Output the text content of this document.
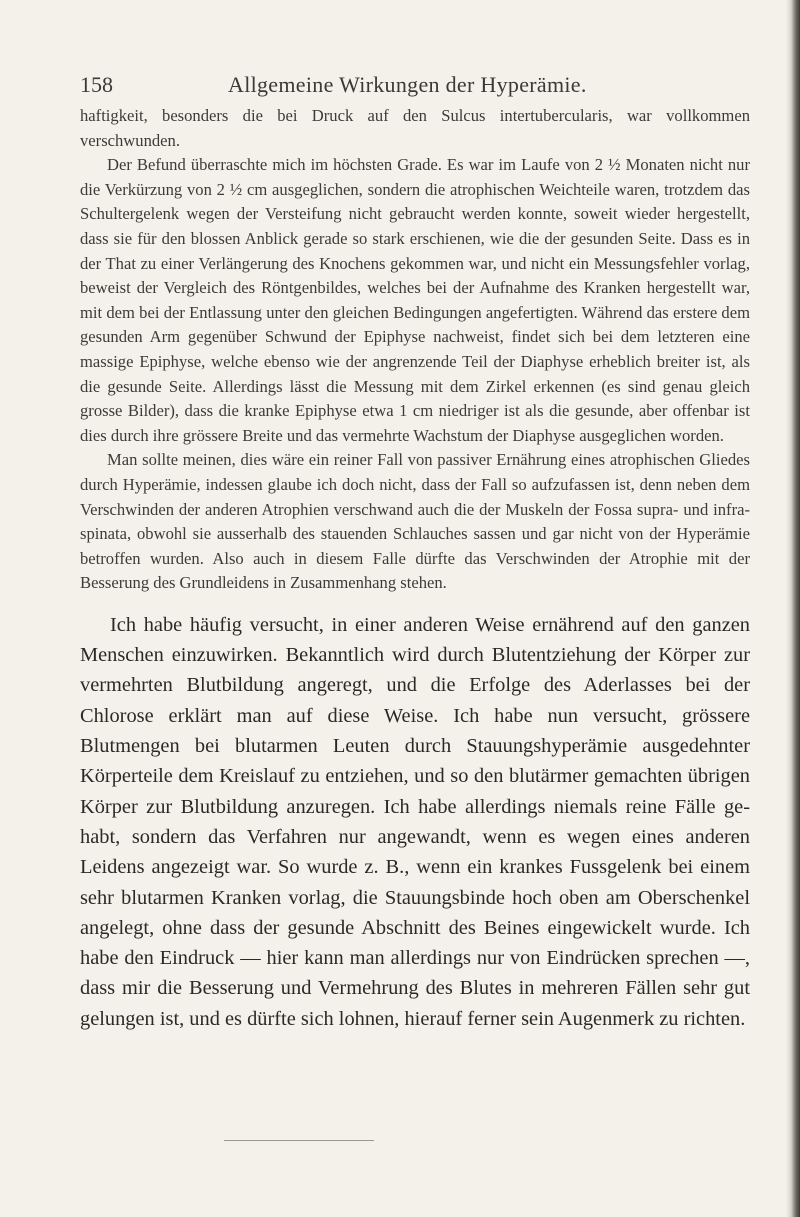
158	Allgemeine Wirkungen der Hyperämie.

haftigkeit, besonders die bei Druck auf den Sulcus intertubercularis, war vollkommen verschwunden.

Der Befund überraschte mich im höchsten Grade. Es war im Laufe von 2 ½ Monaten nicht nur die Verkürzung von 2 ½ cm ausgeglichen, sondern die atrophischen Weichteile waren, trotzdem das Schultergelenk wegen der Versteifung nicht gebraucht werden konnte, soweit wieder hergestellt, dass sie für den blossen Anblick gerade so stark erschienen, wie die der gesunden Seite. Dass es in der That zu einer Verlängerung des Knochens gekommen war, und nicht ein Messungsfehler vorlag, beweist der Vergleich des Röntgenbildes, welches bei der Aufnahme des Kranken hergestellt war, mit dem bei der Entlassung unter den gleichen Bedingungen angefertigten. Während das erstere dem gesunden Arm gegenüber Schwund der Epiphyse nachweist, findet sich bei dem letzteren eine massige Epiphyse, welche ebenso wie der angrenzende Teil der Diaphyse erheblich breiter ist, als die gesunde Seite. Allerdings lässt die Messung mit dem Zirkel erkennen (es sind genau gleich grosse Bilder), dass die kranke Epiphyse etwa 1 cm niedriger ist als die gesunde, aber offenbar ist dies durch ihre grössere Breite und das vermehrte Wachstum der Diaphyse ausgeglichen worden.

Man sollte meinen, dies wäre ein reiner Fall von passiver Ernährung eines atrophischen Gliedes durch Hyperämie, indessen glaube ich doch nicht, dass der Fall so aufzufassen ist, denn neben dem Verschwinden der anderen Atrophien verschwand auch die der Muskeln der Fossa supra- und infraspinata, obwohl sie ausserhalb des stauenden Schlauches sassen und gar nicht von der Hyperämie betroffen wurden. Also auch in diesem Falle dürfte das Verschwinden der Atrophie mit der Besserung des Grundleidens in Zusammenhang stehen.

Ich habe häufig versucht, in einer anderen Weise ernährend auf den ganzen Menschen einzuwirken. Bekanntlich wird durch Blutentziehung der Körper zur vermehrten Blutbildung angeregt, und die Erfolge des Aderlasses bei der Chlorose erklärt man auf diese Weise. Ich habe nun versucht, grössere Blutmengen bei blutarmen Leuten durch Stauungshyperämie ausgedehnter Körperteile dem Kreislauf zu entziehen, und so den blutärmer gemachten übrigen Körper zur Blutbildung anzuregen. Ich habe allerdings niemals reine Fälle gehabt, sondern das Verfahren nur angewandt, wenn es wegen eines anderen Leidens angezeigt war. So wurde z. B., wenn ein krankes Fussgelenk bei einem sehr blutarmen Kranken vorlag, die Stauungsbinde hoch oben am Oberschenkel angelegt, ohne dass der gesunde Abschnitt des Beines eingewickelt wurde. Ich habe den Eindruck — hier kann man allerdings nur von Eindrücken sprechen —, dass mir die Besserung und Vermehrung des Blutes in mehreren Fällen sehr gut gelungen ist, und es dürfte sich lohnen, hierauf ferner sein Augenmerk zu richten.
